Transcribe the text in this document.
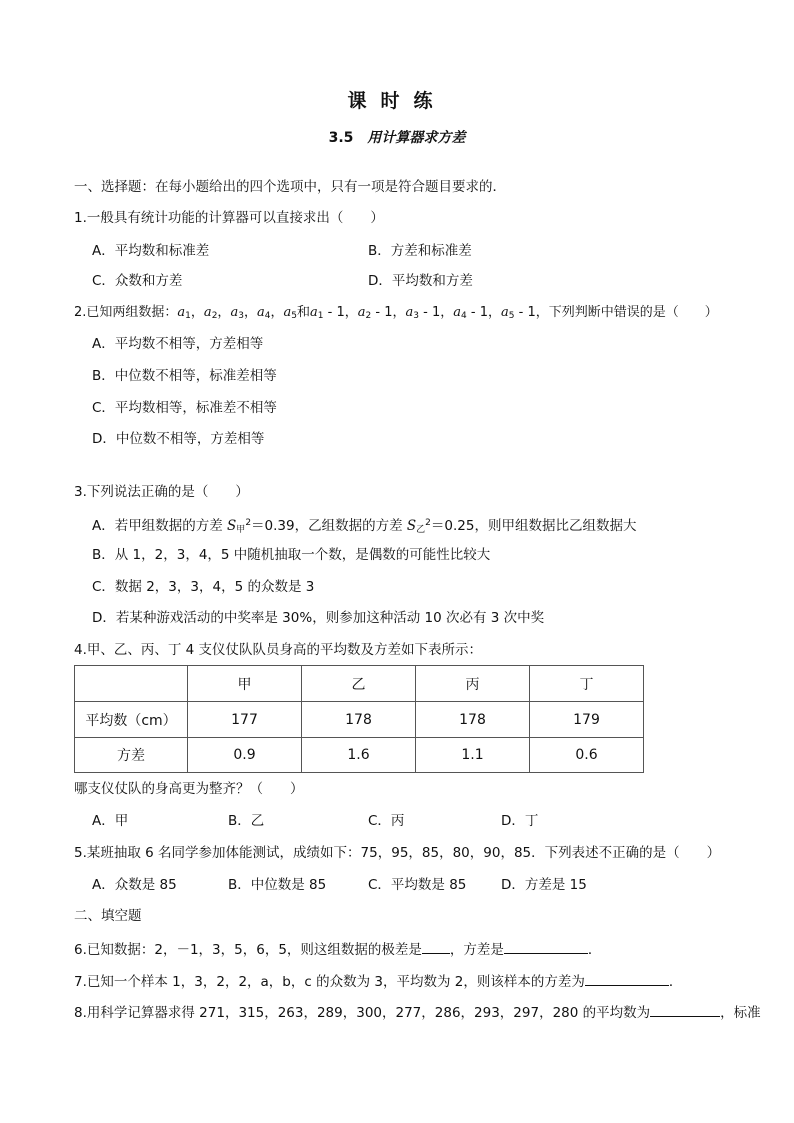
课时练
3.5 用计算器求方差
一、选择题：在每小题给出的四个选项中，只有一项是符合题目要求的．
1.一般具有统计功能的计算器可以直接求出（　　）
A．平均数和标准差	B．方差和标准差
C．众数和方差	D．平均数和方差
2.已知两组数据：$a_1$，$a_2$，$a_3$，$a_4$，$a_5$和$a_1 - 1$，$a_2 - 1$，$a_3 - 1$，$a_4 - 1$，$a_5 - 1$，下列判断中错误的是（　　）
A．平均数不相等，方差相等
B．中位数不相等，标准差相等
C．平均数相等，标准差不相等
D．中位数不相等，方差相等
3.下列说法正确的是（　　）
A．若甲组数据的方差 $S_甲^2=0.39$，乙组数据的方差 $S_乙^2=0.25$，则甲组数据比乙组数据大
B．从 1，2，3，4，5 中随机抽取一个数，是偶数的可能性比较大
C．数据 2，3，3，4，5 的众数是 3
D．若某种游戏活动的中奖率是 30%，则参加这种活动 10 次必有 3 次中奖
4.甲、乙、丙、丁 4 支仪仗队队员身高的平均数及方差如下表所示：
	甲	乙	丙	丁
平均数（cm）	177	178	178	179
方差	0.9	1.6	1.1	0.6
哪支仪仗队的身高更为整齐？（　　）
A．甲	B．乙	C．丙	D．丁
5.某班抽取 6 名同学参加体能测试，成绩如下：75，95，85，80，90，85．下列表述不正确的是（　　）
A．众数是 85	B．中位数是 85	C．平均数是 85	D．方差是 15
二、填空题
6.已知数据：2，－1，3，5，6，5，则这组数据的极差是 ，方差是	．
7.已知一个样本 1，3，2，2，a，b，c 的众数为 3，平均数为 2，则该样本的方差为	．
8.用科学记算器求得 271，315，263，289，300，277，286，293，297，280 的平均数为	，标准
